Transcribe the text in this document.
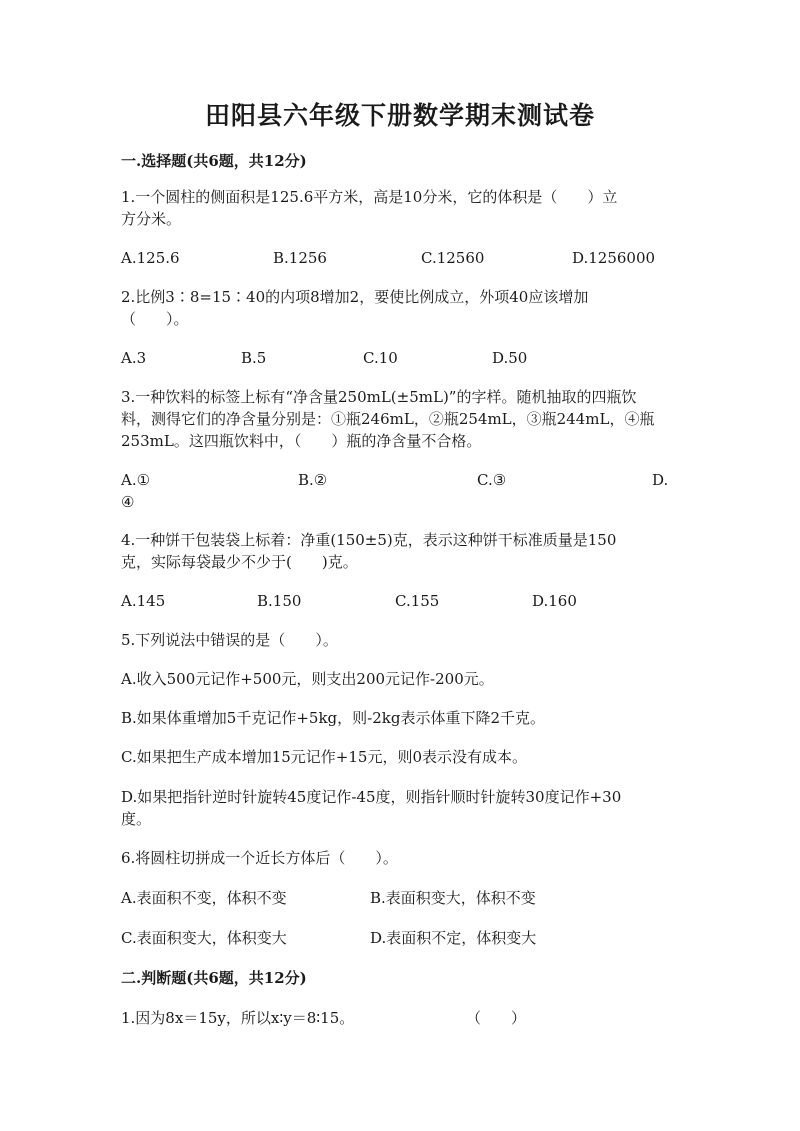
田阳县六年级下册数学期末测试卷
一.选择题(共6题，共12分)
1.一个圆柱的侧面积是125.6平方米，高是10分米，它的体积是（　　）立
方分米。
A.125.6	B.1256	C.12560	D.1256000
2.比例3∶8=15∶40的内项8增加2，要使比例成立，外项40应该增加
（　　）。
A.3	B.5	C.10	D.50
3.一种饮料的标签上标有“净含量250mL(±5mL)”的字样。随机抽取的四瓶饮
料，测得它们的净含量分别是：①瓶246mL，②瓶254mL，③瓶244mL，④瓶
253mL。这四瓶饮料中，（　　）瓶的净含量不合格。
A.①	B.②	C.③	D.
④
4.一种饼干包装袋上标着：净重(150±5)克，表示这种饼干标准质量是150
克，实际每袋最少不少于(　　)克。
A.145	B.150	C.155	D.160
5.下列说法中错误的是（　　）。
A.收入500元记作+500元，则支出200元记作-200元。
B.如果体重增加5千克记作+5kg，则-2kg表示体重下降2千克。
C.如果把生产成本增加15元记作+15元，则0表示没有成本。
D.如果把指针逆时针旋转45度记作-45度，则指针顺时针旋转30度记作+30
度。
6.将圆柱切拼成一个近长方体后（　　）。
A.表面积不变，体积不变	B.表面积变大，体积不变
C.表面积变大，体积变大	D.表面积不定，体积变大
二.判断题(共6题，共12分)
1.因为8x＝15y，所以x∶y＝8∶15。	（　　）
